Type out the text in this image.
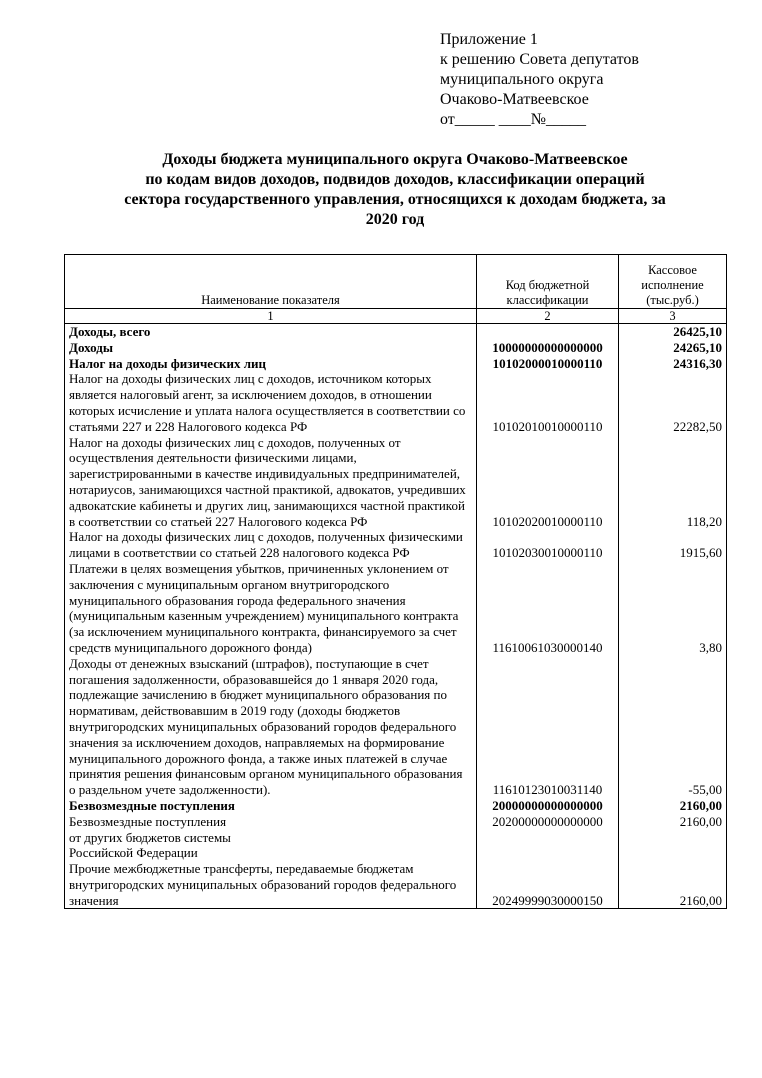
Приложение 1
к решению Совета депутатов
муниципального округа
Очаково-Матвеевское
от_____ ____№_____
Доходы бюджета муниципального округа Очаково-Матвеевское
по кодам видов доходов, подвидов доходов, классификации операций
сектора государственного управления, относящихся к доходам бюджета, за
2020 год
Наименование показателя	Код бюджетной классификации	Кассовое исполнение (тыс.руб.)
1	2	3
Доходы, всего		26425,10
Доходы	10000000000000000	24265,10
Налог на доходы физических лиц	10102000010000110	24316,30
Налог на доходы физических лиц с доходов, источником которых является налоговый агент, за исключением доходов, в отношении которых исчисление и уплата налога осуществляется в соответствии со статьями 227 и 228 Налогового кодекса РФ	10102010010000110	22282,50
Налог на доходы физических лиц с доходов, полученных от осуществления деятельности физическими лицами, зарегистрированными в качестве индивидуальных предпринимателей, нотариусов, занимающихся частной практикой, адвокатов, учредивших адвокатские кабинеты и других лиц, занимающихся частной практикой в соответствии со статьей 227 Налогового кодекса РФ	10102020010000110	118,20
Налог на доходы физических лиц с доходов, полученных физическими лицами в соответствии со статьей 228 налогового кодекса РФ	10102030010000110	1915,60
Платежи в целях возмещения убытков, причиненных уклонением от заключения с муниципальным органом внутригородского муниципального образования города федерального значения (муниципальным казенным учреждением) муниципального контракта (за исключением муниципального контракта, финансируемого за счет средств муниципального дорожного фонда)	11610061030000140	3,80
Доходы от денежных взысканий (штрафов), поступающие в счет погашения задолженности, образовавшейся до 1 января 2020 года, подлежащие зачислению в бюджет муниципального образования по нормативам, действовавшим в 2019 году (доходы бюджетов внутригородских муниципальных образований городов федерального значения за исключением доходов, направляемых на формирование муниципального дорожного фонда, а также иных платежей в случае принятия решения финансовым органом муниципального образования о раздельном учете задолженности).	11610123010031140	-55,00
Безвозмездные поступления	20000000000000000	2160,00
Безвозмездные поступления
от других бюджетов системы
Российской Федерации	20200000000000000	2160,00
Прочие межбюджетные трансферты, передаваемые бюджетам внутригородских муниципальных образований городов федерального значения	20249999030000150	2160,00
